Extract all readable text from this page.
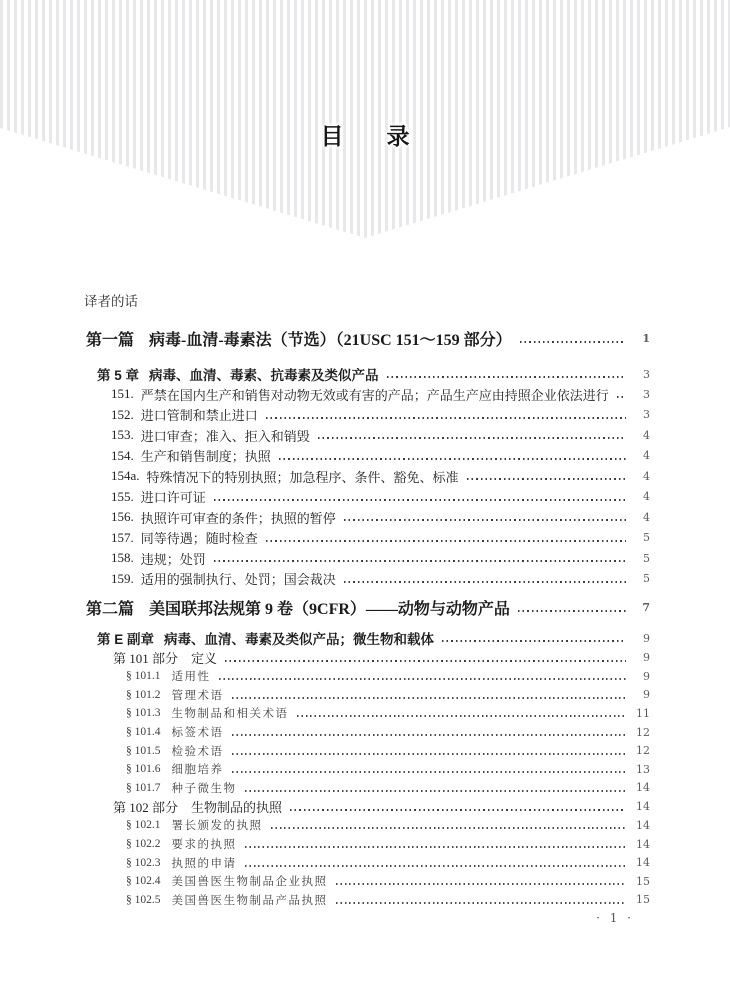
目　录
译者的话
第一篇 病毒-血清-毒素法（节选）（21USC 151～159 部分）	1
第 5 章 病毒、血清、毒素、抗毒素及类似产品	3
151. 严禁在国内生产和销售对动物无效或有害的产品；产品生产应由持照企业依法进行	3
152. 进口管制和禁止进口	3
153. 进口审查；准入、拒入和销毁	4
154. 生产和销售制度；执照	4
154a. 特殊情况下的特别执照；加急程序、条件、豁免、标准	4
155. 进口许可证	4
156. 执照许可审查的条件；执照的暂停	4
157. 同等待遇；随时检查	5
158. 违规；处罚	5
159. 适用的强制执行、处罚；国会裁决	5
第二篇 美国联邦法规第 9 卷（9CFR）——动物与动物产品	7
第 E 副章 病毒、血清、毒素及类似产品；微生物和载体	9
第 101 部分 定义	9
§ 101.1 适用性	9
§ 101.2 管理术语	9
§ 101.3 生物制品和相关术语	11
§ 101.4 标签术语	12
§ 101.5 检验术语	12
§ 101.6 细胞培养	13
§ 101.7 种子微生物	14
第 102 部分 生物制品的执照	14
§ 102.1 署长颁发的执照	14
§ 102.2 要求的执照	14
§ 102.3 执照的申请	14
§ 102.4 美国兽医生物制品企业执照	15
§ 102.5 美国兽医生物制品产品执照	15
· 1 ·
